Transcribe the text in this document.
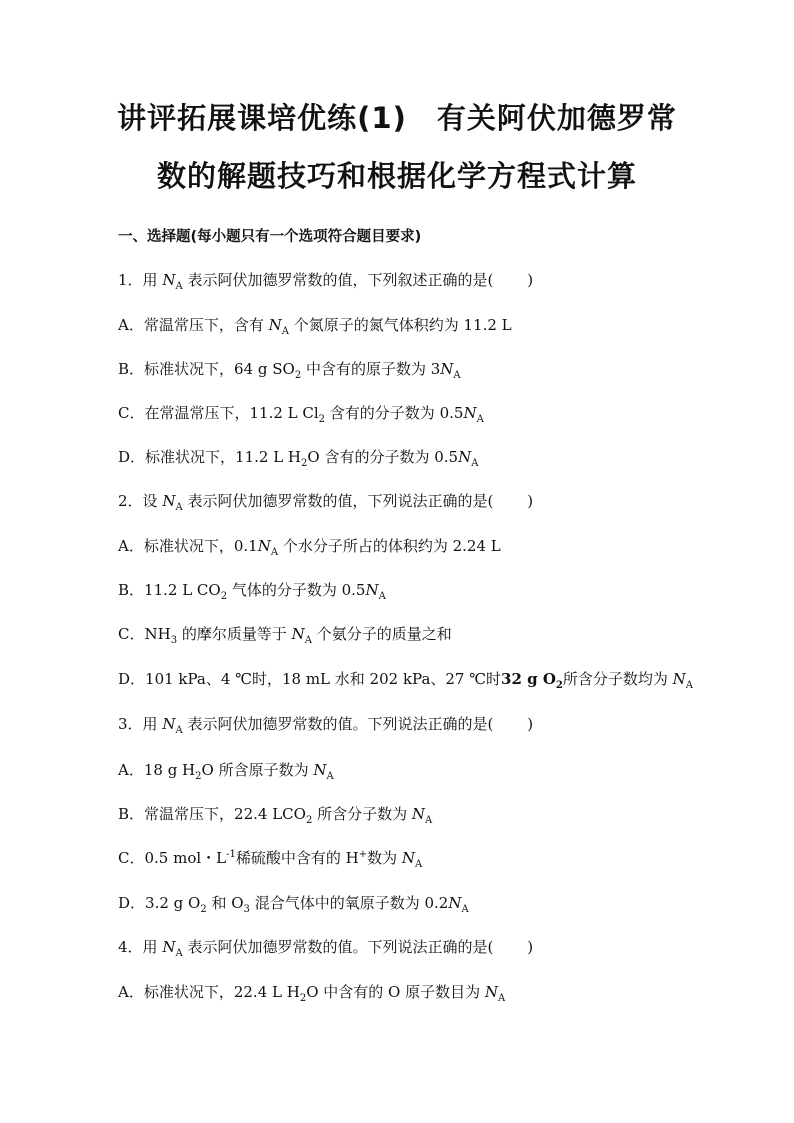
讲评拓展课培优练(1)　有关阿伏加德罗常
数的解题技巧和根据化学方程式计算
一、选择题(每小题只有一个选项符合题目要求)
1．用 $N_A$ 表示阿伏加德罗常数的值，下列叙述正确的是( )
A．常温常压下，含有 $N_A$ 个氮原子的氮气体积约为 11.2 L
B．标准状况下，64 g $SO_2$ 中含有的原子数为 $3N_A$
C．在常温常压下，11.2 L $Cl_2$ 含有的分子数为 $0.5N_A$
D．标准状况下，11.2 L $H_2O$ 含有的分子数为 $0.5N_A$
2．设 $N_A$ 表示阿伏加德罗常数的值，下列说法正确的是( )
A．标准状况下，$0.1N_A$ 个水分子所占的体积约为 2.24 L
B．11.2 L $CO_2$ 气体的分子数为 $0.5N_A$
C．$NH_3$ 的摩尔质量等于 $N_A$ 个氨分子的质量之和
D．101 kPa、4 ℃时，18 mL 水和 202 kPa、27 ℃时32 g $O_2$所含分子数均为 $N_A$
3．用 $N_A$ 表示阿伏加德罗常数的值。下列说法正确的是( )
A．18 g $H_2O$ 所含原子数为 $N_A$
B．常温常压下，22.4 $LCO_2$ 所含分子数为 $N_A$
C．0.5 mol・$L^{-1}$稀硫酸中含有的 H+数为 $N_A$
D．3.2 g $O_2$ 和 $O_3$ 混合气体中的氧原子数为 $0.2N_A$
4．用 $N_A$ 表示阿伏加德罗常数的值。下列说法正确的是( )
A．标准状况下，22.4 L $H_2O$ 中含有的 O 原子数目为 $N_A$
